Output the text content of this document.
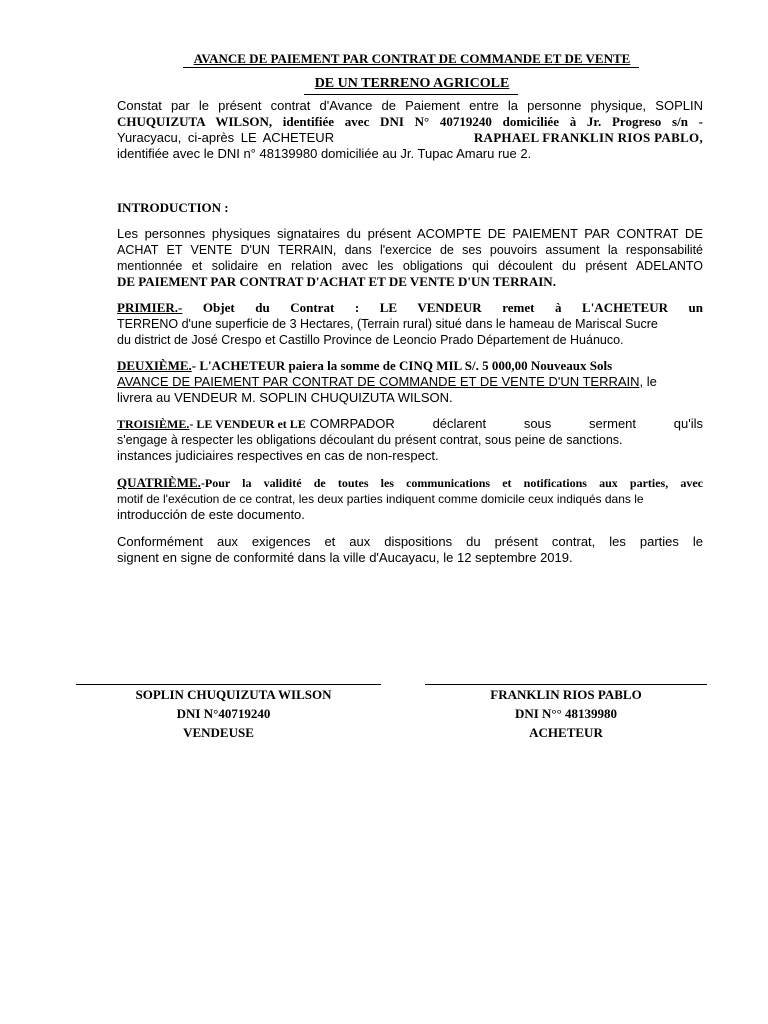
AVANCE DE PAIEMENT PAR CONTRAT DE COMMANDE ET DE VENTE
DE UN TERRENO AGRICOLE
Constat par le présent contrat d'Avance de Paiement entre la personne physique, SOPLIN
CHUQUIZUTA WILSON, identifiée avec DNI N° 40719240 domiciliée à Jr. Progreso s/n -
Yuracyacu, ci-après LE ACHETEUR	RAPHAEL FRANKLIN RIOS PABLO,
identifiée avec le DNI n° 48139980 domiciliée au Jr. Tupac Amaru rue 2.
INTRODUCTION :
Les personnes physiques signataires du présent ACOMPTE DE PAIEMENT PAR CONTRAT DE
ACHAT ET VENTE D'UN TERRAIN, dans l'exercice de ses pouvoirs assument la responsabilité
mentionnée et solidaire en relation avec les obligations qui découlent du présent ADELANTO
DE PAIEMENT PAR CONTRAT D'ACHAT ET DE VENTE D'UN TERRAIN.
PRIMIER.- Objet du Contrat : LE VENDEUR remet à L'ACHETEUR un
TERRENO d'une superficie de 3 Hectares, (Terrain rural) situé dans le hameau de Mariscal Sucre
du district de José Crespo et Castillo Province de Leoncio Prado Département de Huánuco.
DEUXIÈME.- L'ACHETEUR paiera la somme de CINQ MIL S/. 5 000,00 Nouveaux Sols
AVANCE DE PAIEMENT PAR CONTRAT DE COMMANDE ET DE VENTE D'UN TERRAIN, le
livrera au VENDEUR M. SOPLIN CHUQUIZUTA WILSON.
TROISIÈME.- LE VENDEUR et LE COMRPADOR déclarent sous serment qu'ils
s'engage à respecter les obligations découlant du présent contrat, sous peine de sanctions.
instances judiciaires respectives en cas de non-respect.
QUATRIÈME.-Pour la validité de toutes les communications et notifications aux parties, avec
motif de l'exécution de ce contrat, les deux parties indiquent comme domicile ceux indiqués dans le
introducción de este documento.
Conformément aux exigences et aux dispositions du présent contrat, les parties le
signent en signe de conformité dans la ville d'Aucayacu, le 12 septembre 2019.
SOPLIN CHUQUIZUTA WILSON
DNI N°40719240
VENDEUSE
FRANKLIN RIOS PABLO
DNI N°° 48139980
ACHETEUR
